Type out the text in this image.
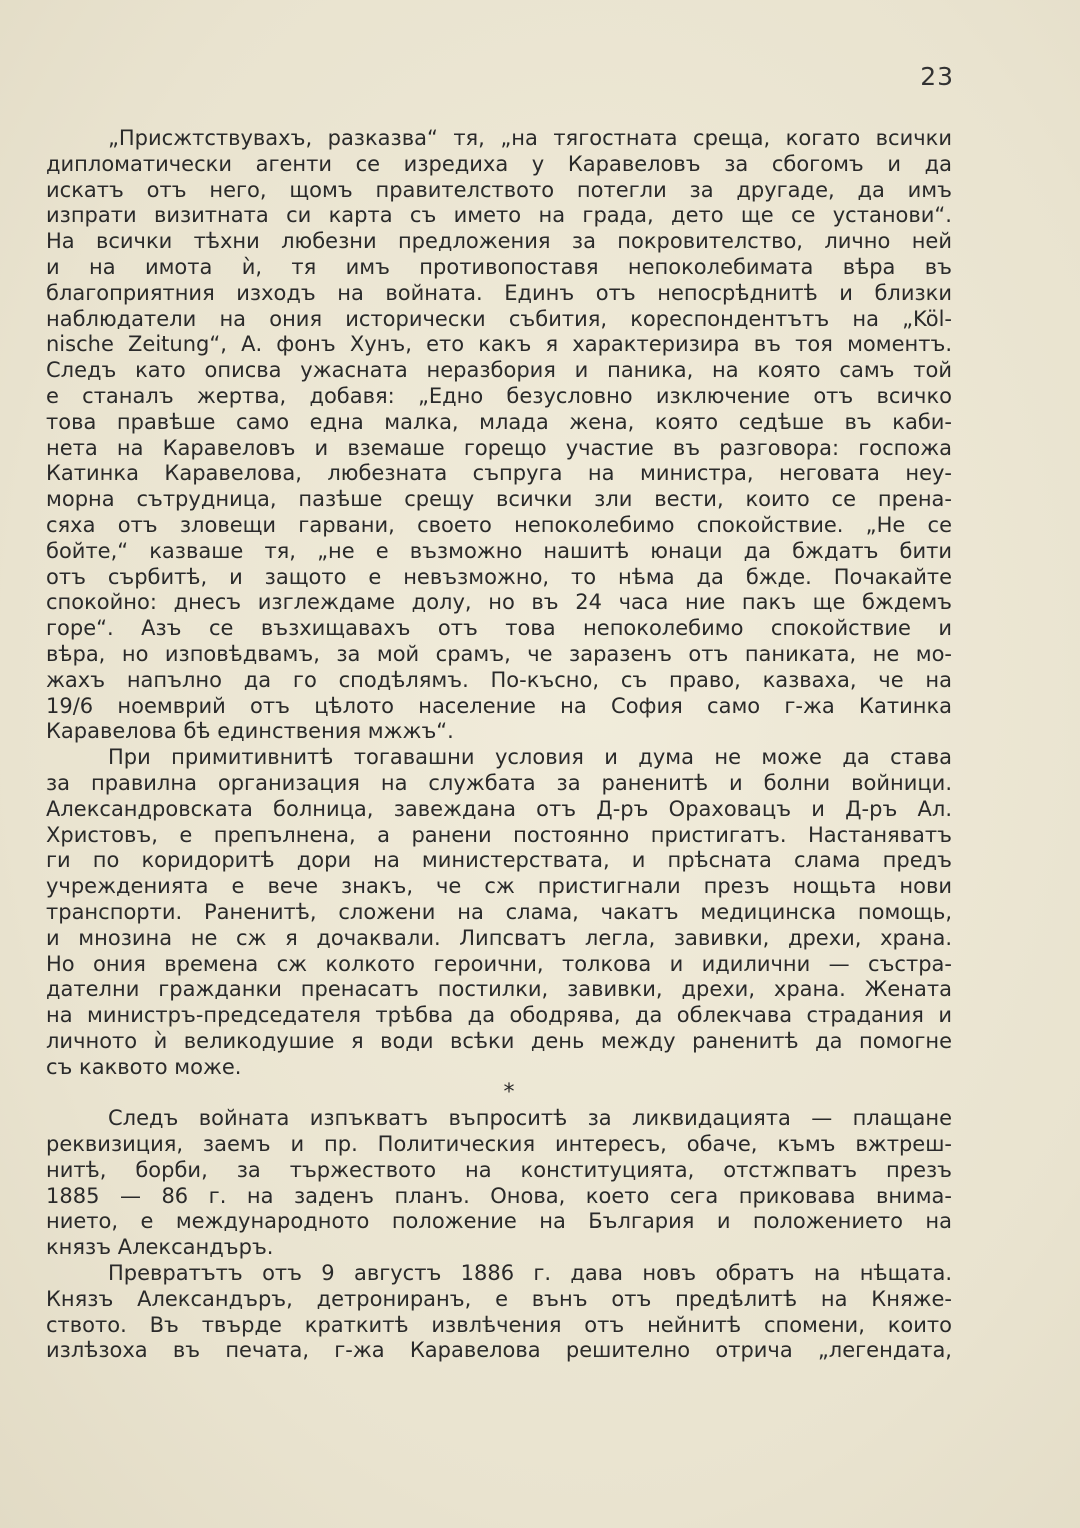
23
„Присжтствувахъ, разказва“ тя, „на тягостната среща, когато всички
дипломатически агенти се изредиха у Каравеловъ за сбогомъ и да
искатъ отъ него, щомъ правителството потегли за другаде, да имъ
изпрати визитната си карта съ името на града, дето ще се установи“.
На всички тѣхни любезни предложения за покровителство, лично ней
и на имота ѝ, тя имъ противопоставя непоколебимата вѣра въ
благоприятния изходъ на войната. Единъ отъ непосрѣднитѣ и близки
наблюдатели на ония исторически събития, кореспондентътъ на „Köl-
nische Zeitung“, А. фонъ Хунъ, ето какъ я характеризира въ тоя моментъ.
Следъ като описва ужасната неразбория и паника, на която самъ той
е станалъ жертва, добавя: „Едно безусловно изключение отъ всичко
това правѣше само една малка, млада жена, която седѣше въ каби-
нета на Каравеловъ и вземаше горещо участие въ разговора: госпожа
Катинка Каравелова, любезната съпруга на министра, неговата неу-
морна сътрудница, пазѣше срещу всички зли вести, които се прена-
сяха отъ зловещи гарвани, своето непоколебимо спокойствие. „Не се
бойте,“ казваше тя, „не е възможно нашитѣ юнаци да бждатъ бити
отъ сърбитѣ, и защото е невъзможно, то нѣма да бжде. Почакайте
спокойно: днесъ изглеждаме долу, но въ 24 часа ние пакъ ще бждемъ
горе“. Азъ се възхищавахъ отъ това непоколебимо спокойствие и
вѣра, но изповѣдвамъ, за мой срамъ, че заразенъ отъ паниката, не мо-
жахъ напълно да го сподѣлямъ. По-късно, съ право, казваха, че на
19/6 ноемврий отъ цѣлото население на София само г-жа Катинка
Каравелова бѣ единствения мжжъ“.
При примитивнитѣ тогавашни условия и дума не може да става
за правилна организация на службата за раненитѣ и болни войници.
Александровската болница, завеждана отъ Д-ръ Ораховацъ и Д-ръ Ал.
Христовъ, е препълнена, а ранени постоянно пристигатъ. Настаняватъ
ги по коридоритѣ дори на министерствата, и прѣсната слама предъ
учрежденията е вече знакъ, че сж пристигнали презъ нощьта нови
транспорти. Раненитѣ, сложени на слама, чакатъ медицинска помощь,
и мнозина не сж я дочаквали. Липсватъ легла, завивки, дрехи, храна.
Но ония времена сж колкото героични, толкова и идилични — състра-
дателни гражданки пренасатъ постилки, завивки, дрехи, храна. Жената
на министръ-председателя трѣбва да ободрява, да облекчава страдания и
личното ѝ великодушие я води всѣки день между раненитѣ да помогне
съ каквото може.
*
Следъ войната изпъкватъ въпроситѣ за ликвидацията — плащане
реквизиция, заемъ и пр. Политическия интересъ, обаче, къмъ вжтреш-
нитѣ, борби, за тържеството на конституцията, отстжпватъ презъ
1885 — 86 г. на заденъ планъ. Онова, което сега приковава внима-
нието, е международното положение на България и положението на
князъ Александъръ.
Превратътъ отъ 9 августъ 1886 г. дава новъ обратъ на нѣщата.
Князъ Александъръ, детрониранъ, е вънъ отъ предѣлитѣ на Княже-
ството. Въ твърде краткитѣ извлѣчения отъ нейнитѣ спомени, които
излѣзоха въ печата, г-жа Каравелова решително отрича „легендата,
